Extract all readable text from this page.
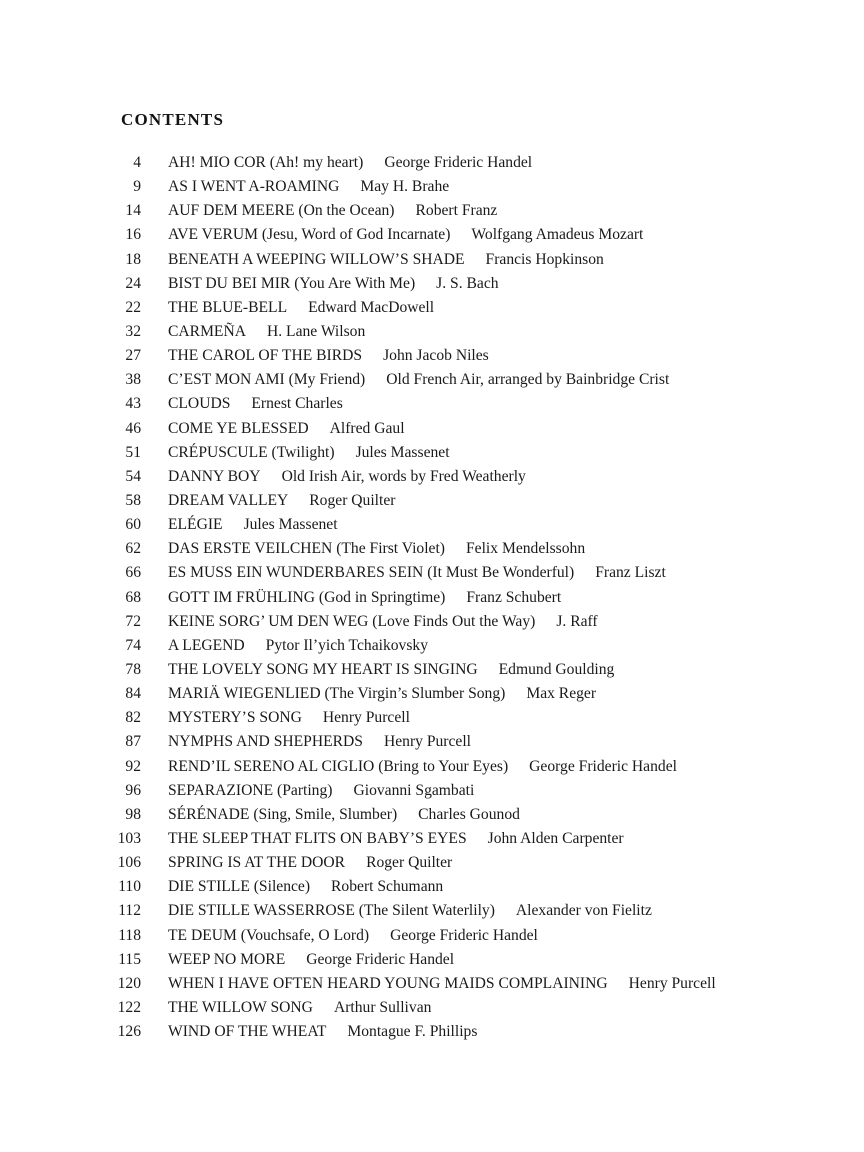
CONTENTS
4 AH! MIO COR (Ah! my heart) George Frideric Handel
9 AS I WENT A-ROAMING May H. Brahe
14 AUF DEM MEERE (On the Ocean) Robert Franz
16 AVE VERUM (Jesu, Word of God Incarnate) Wolfgang Amadeus Mozart
18 BENEATH A WEEPING WILLOW’S SHADE Francis Hopkinson
24 BIST DU BEI MIR (You Are With Me) J. S. Bach
22 THE BLUE-BELL Edward MacDowell
32 CARMEÑA H. Lane Wilson
27 THE CAROL OF THE BIRDS John Jacob Niles
38 C’EST MON AMI (My Friend) Old French Air, arranged by Bainbridge Crist
43 CLOUDS Ernest Charles
46 COME YE BLESSED Alfred Gaul
51 CRÉPUSCULE (Twilight) Jules Massenet
54 DANNY BOY Old Irish Air, words by Fred Weatherly
58 DREAM VALLEY Roger Quilter
60 ELÉGIE Jules Massenet
62 DAS ERSTE VEILCHEN (The First Violet) Felix Mendelssohn
66 ES MUSS EIN WUNDERBARES SEIN (It Must Be Wonderful) Franz Liszt
68 GOTT IM FRÜHLING (God in Springtime) Franz Schubert
72 KEINE SORG’ UM DEN WEG (Love Finds Out the Way) J. Raff
74 A LEGEND Pytor Il’yich Tchaikovsky
78 THE LOVELY SONG MY HEART IS SINGING Edmund Goulding
84 MARIÄ WIEGENLIED (The Virgin’s Slumber Song) Max Reger
82 MYSTERY’S SONG Henry Purcell
87 NYMPHS AND SHEPHERDS Henry Purcell
92 REND’IL SERENO AL CIGLIO (Bring to Your Eyes) George Frideric Handel
96 SEPARAZIONE (Parting) Giovanni Sgambati
98 SÉRÉNADE (Sing, Smile, Slumber) Charles Gounod
103 THE SLEEP THAT FLITS ON BABY’S EYES John Alden Carpenter
106 SPRING IS AT THE DOOR Roger Quilter
110 DIE STILLE (Silence) Robert Schumann
112 DIE STILLE WASSERROSE (The Silent Waterlily) Alexander von Fielitz
118 TE DEUM (Vouchsafe, O Lord) George Frideric Handel
115 WEEP NO MORE George Frideric Handel
120 WHEN I HAVE OFTEN HEARD YOUNG MAIDS COMPLAINING Henry Purcell
122 THE WILLOW SONG Arthur Sullivan
126 WIND OF THE WHEAT Montague F. Phillips
